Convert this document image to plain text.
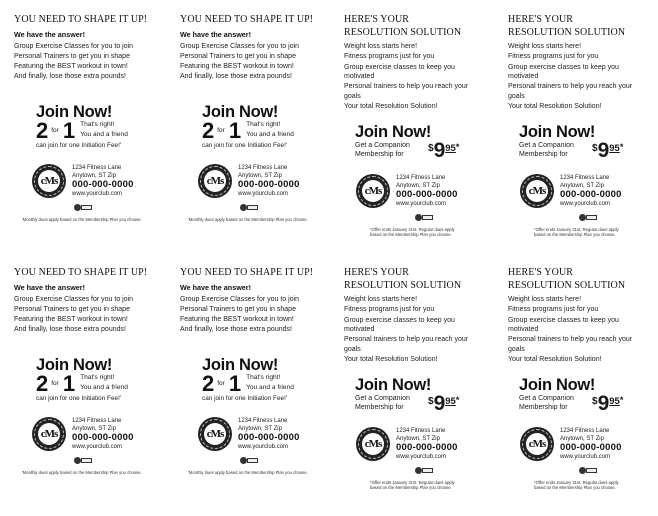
YOU NEED TO SHAPE IT UP!
We have the answer!
Group Exercise Classes for you to join
Personal Trainers to get you in shape
Featuring the BEST workout in town!
And finally, lose those extra pounds!
Join Now!
2 for 1 That's right!
You and a friend
can join for one Initiation Fee!'
cMs
1234 Fitness Lane
Anytown, ST Zip
000-000-0000
www.yourclub.com
'Monthly dues apply based on the Membership Plan you choose.
YOU NEED TO SHAPE IT UP!
We have the answer!
Group Exercise Classes for you to join
Personal Trainers to get you in shape
Featuring the BEST workout in town!
And finally, lose those extra pounds!
Join Now!
2 for 1 That's right!
You and a friend
can join for one Initiation Fee!'
cMs
1234 Fitness Lane
Anytown, ST Zip
000-000-0000
www.yourclub.com
'Monthly dues apply based on the Membership Plan you choose.
HERE'S YOUR
RESOLUTION SOLUTION
Weight loss starts here!
Fitness programs just for you
Group exercise classes to keep you motivated
Personal trainers to help you reach your goals
Your total Resolution Solution!
Join Now!
Get a Companion Membership for
$ 9 95 *
cMs
1234 Fitness Lane
Anytown, ST Zip
000-000-0000
www.yourclub.com
*Offer ends January 31st. Regular dues apply based on the Membership Plan you choose.
HERE'S YOUR
RESOLUTION SOLUTION
Weight loss starts here!
Fitness programs just for you
Group exercise classes to keep you motivated
Personal trainers to help you reach your goals
Your total Resolution Solution!
Join Now!
Get a Companion Membership for
$ 9 95 *
cMs
1234 Fitness Lane
Anytown, ST Zip
000-000-0000
www.yourclub.com
*Offer ends January 31st. Regular dues apply based on the Membership Plan you choose.
YOU NEED TO SHAPE IT UP!
We have the answer!
Group Exercise Classes for you to join
Personal Trainers to get you in shape
Featuring the BEST workout in town!
And finally, lose those extra pounds!
Join Now!
2 for 1 That's right!
You and a friend
can join for one Initiation Fee!'
cMs
1234 Fitness Lane
Anytown, ST Zip
000-000-0000
www.yourclub.com
'Monthly dues apply based on the Membership Plan you choose.
YOU NEED TO SHAPE IT UP!
We have the answer!
Group Exercise Classes for you to join
Personal Trainers to get you in shape
Featuring the BEST workout in town!
And finally, lose those extra pounds!
Join Now!
2 for 1 That's right!
You and a friend
can join for one Initiation Fee!'
cMs
1234 Fitness Lane
Anytown, ST Zip
000-000-0000
www.yourclub.com
'Monthly dues apply based on the Membership Plan you choose.
HERE'S YOUR
RESOLUTION SOLUTION
Weight loss starts here!
Fitness programs just for you
Group exercise classes to keep you motivated
Personal trainers to help you reach your goals
Your total Resolution Solution!
Join Now!
Get a Companion Membership for
$ 9 95 *
cMs
1234 Fitness Lane
Anytown, ST Zip
000-000-0000
www.yourclub.com
*Offer ends January 31st. Regular dues apply based on the Membership Plan you choose.
HERE'S YOUR
RESOLUTION SOLUTION
Weight loss starts here!
Fitness programs just for you
Group exercise classes to keep you motivated
Personal trainers to help you reach your goals
Your total Resolution Solution!
Join Now!
Get a Companion Membership for
$ 9 95 *
cMs
1234 Fitness Lane
Anytown, ST Zip
000-000-0000
www.yourclub.com
*Offer ends January 31st. Regular dues apply based on the Membership Plan you choose.
